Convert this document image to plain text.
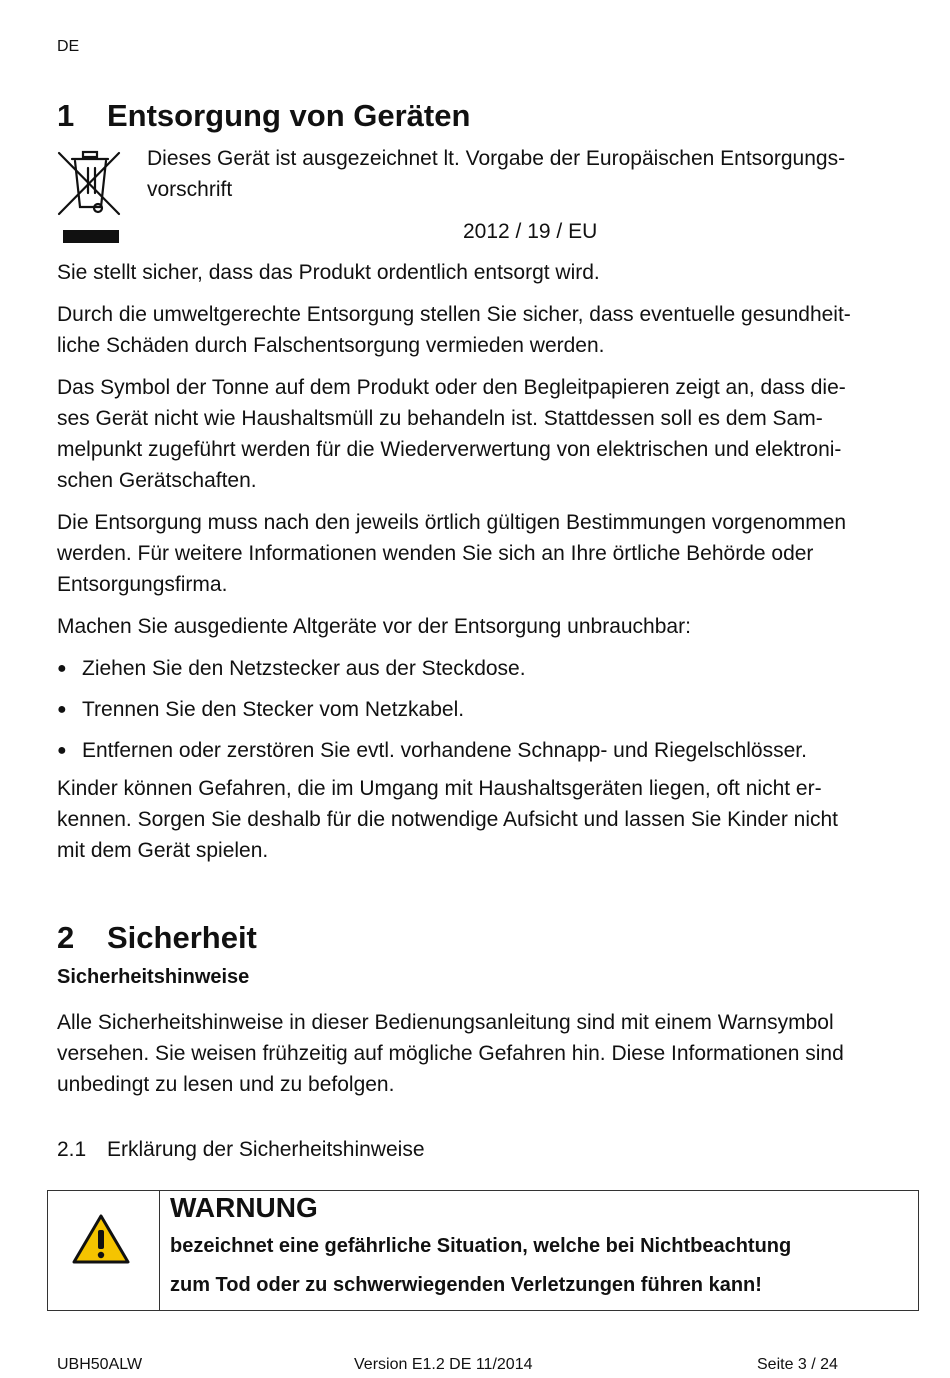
DE
1 Entsorgung von Geräten
Dieses Gerät ist ausgezeichnet lt. Vorgabe der Europäischen Entsorgungs-
vorschrift
2012 / 19 / EU
Sie stellt sicher, dass das Produkt ordentlich entsorgt wird.
Durch die umweltgerechte Entsorgung stellen Sie sicher, dass eventuelle gesundheit-
liche Schäden durch Falschentsorgung vermieden werden.
Das Symbol der Tonne auf dem Produkt oder den Begleitpapieren zeigt an, dass die-
ses Gerät nicht wie Haushaltsmüll zu behandeln ist. Stattdessen soll es dem Sam-
melpunkt zugeführt werden für die Wiederverwertung von elektrischen und elektroni-
schen Gerätschaften.
Die Entsorgung muss nach den jeweils örtlich gültigen Bestimmungen vorgenommen
werden. Für weitere Informationen wenden Sie sich an Ihre örtliche Behörde oder
Entsorgungsfirma.
Machen Sie ausgediente Altgeräte vor der Entsorgung unbrauchbar:
● Ziehen Sie den Netzstecker aus der Steckdose.
● Trennen Sie den Stecker vom Netzkabel.
● Entfernen oder zerstören Sie evtl. vorhandene Schnapp- und Riegelschlösser.
Kinder können Gefahren, die im Umgang mit Haushaltsgeräten liegen, oft nicht er-
kennen. Sorgen Sie deshalb für die notwendige Aufsicht und lassen Sie Kinder nicht
mit dem Gerät spielen.
2 Sicherheit
Sicherheitshinweise
Alle Sicherheitshinweise in dieser Bedienungsanleitung sind mit einem Warnsymbol
versehen. Sie weisen frühzeitig auf mögliche Gefahren hin. Diese Informationen sind
unbedingt zu lesen und zu befolgen.
2.1 Erklärung der Sicherheitshinweise
WARNUNG
bezeichnet eine gefährliche Situation, welche bei Nichtbeachtung
zum Tod oder zu schwerwiegenden Verletzungen führen kann!
UBH50ALW	Version E1.2 DE 11/2014	Seite 3 / 24
